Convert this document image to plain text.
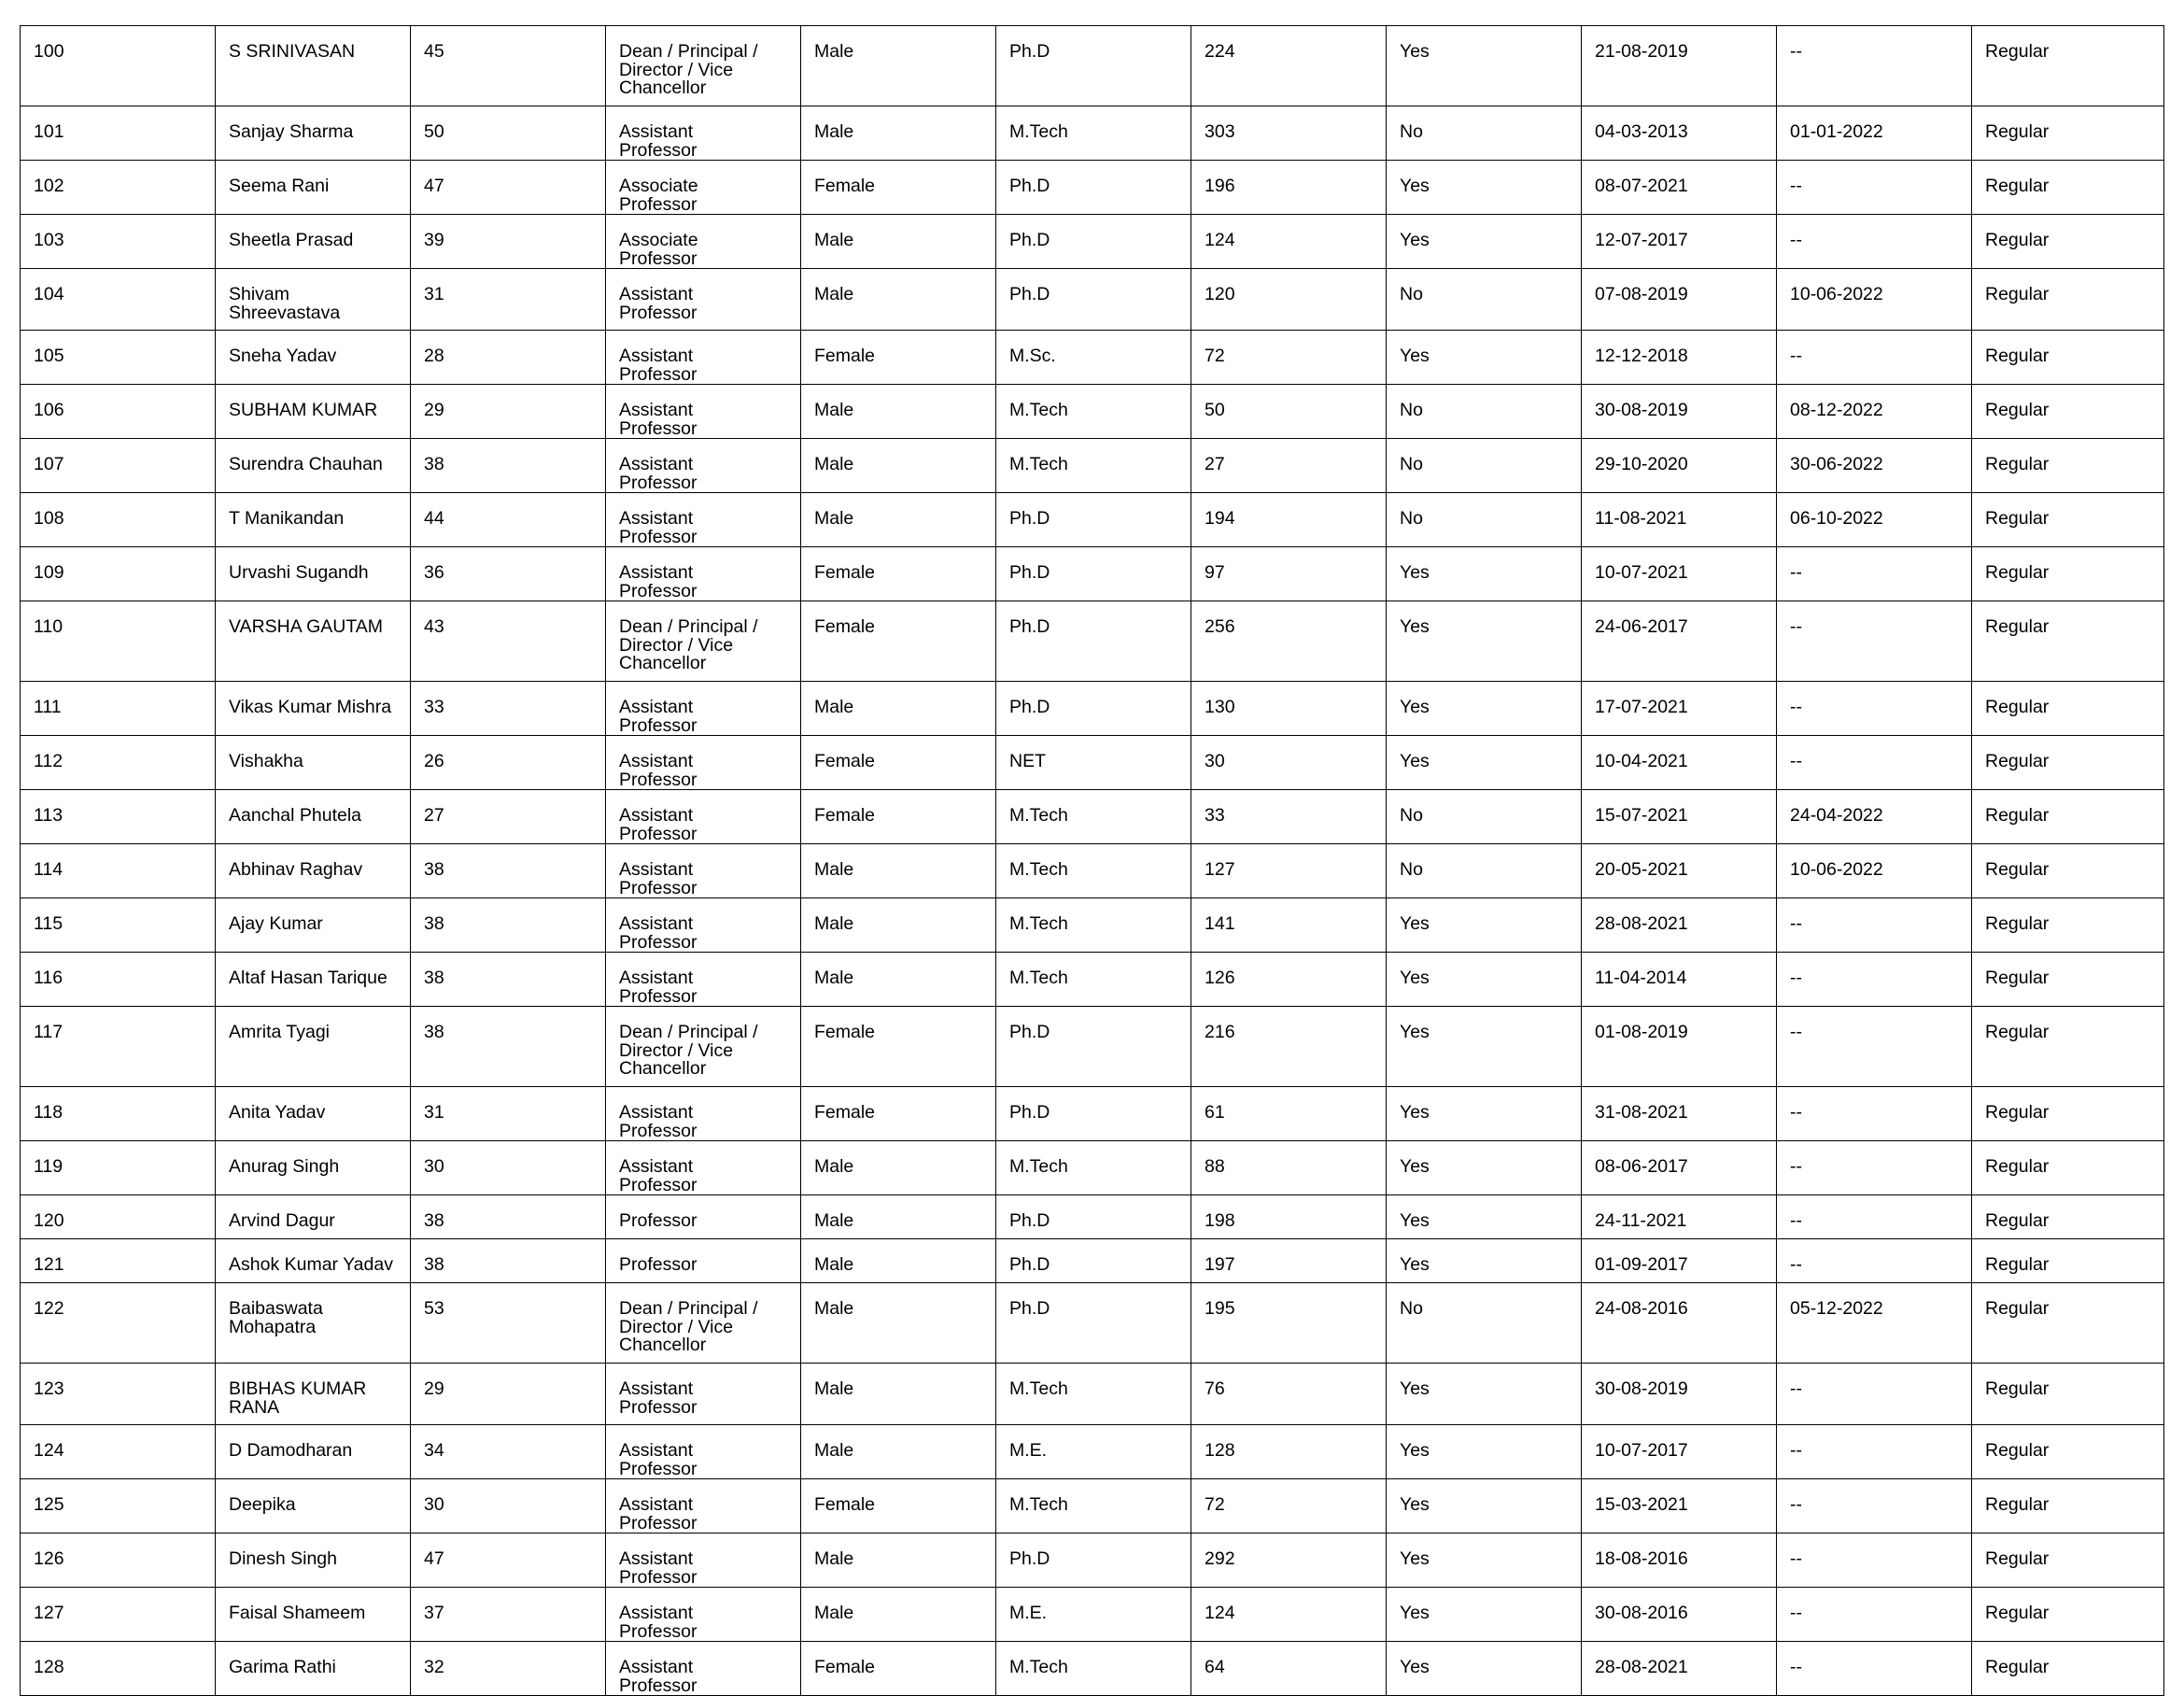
100	S SRINIVASAN	45	Dean / Principal / Director / Vice Chancellor	Male	Ph.D	224	Yes	21-08-2019	--	Regular

101	Sanjay Sharma	50	Assistant Professor	Male	M.Tech	303	No	04-03-2013	01-01-2022	Regular

102	Seema Rani	47	Associate Professor	Female	Ph.D	196	Yes	08-07-2021	--	Regular

103	Sheetla Prasad	39	Associate Professor	Male	Ph.D	124	Yes	12-07-2017	--	Regular

104	Shivam Shreevastava	31	Assistant Professor	Male	Ph.D	120	No	07-08-2019	10-06-2022	Regular

105	Sneha Yadav	28	Assistant Professor	Female	M.Sc.	72	Yes	12-12-2018	--	Regular

106	SUBHAM KUMAR	29	Assistant Professor	Male	M.Tech	50	No	30-08-2019	08-12-2022	Regular

107	Surendra Chauhan	38	Assistant Professor	Male	M.Tech	27	No	29-10-2020	30-06-2022	Regular

108	T Manikandan	44	Assistant Professor	Male	Ph.D	194	No	11-08-2021	06-10-2022	Regular

109	Urvashi Sugandh	36	Assistant Professor	Female	Ph.D	97	Yes	10-07-2021	--	Regular

110	VARSHA GAUTAM	43	Dean / Principal / Director / Vice Chancellor	Female	Ph.D	256	Yes	24-06-2017	--	Regular

111	Vikas Kumar Mishra	33	Assistant Professor	Male	Ph.D	130	Yes	17-07-2021	--	Regular

112	Vishakha	26	Assistant Professor	Female	NET	30	Yes	10-04-2021	--	Regular

113	Aanchal Phutela	27	Assistant Professor	Female	M.Tech	33	No	15-07-2021	24-04-2022	Regular

114	Abhinav Raghav	38	Assistant Professor	Male	M.Tech	127	No	20-05-2021	10-06-2022	Regular

115	Ajay Kumar	38	Assistant Professor	Male	M.Tech	141	Yes	28-08-2021	--	Regular

116	Altaf Hasan Tarique	38	Assistant Professor	Male	M.Tech	126	Yes	11-04-2014	--	Regular

117	Amrita Tyagi	38	Dean / Principal / Director / Vice Chancellor	Female	Ph.D	216	Yes	01-08-2019	--	Regular

118	Anita Yadav	31	Assistant Professor	Female	Ph.D	61	Yes	31-08-2021	--	Regular

119	Anurag Singh	30	Assistant Professor	Male	M.Tech	88	Yes	08-06-2017	--	Regular

120	Arvind Dagur	38	Professor	Male	Ph.D	198	Yes	24-11-2021	--	Regular

121	Ashok Kumar Yadav	38	Professor	Male	Ph.D	197	Yes	01-09-2017	--	Regular

122	Baibaswata Mohapatra	53	Dean / Principal / Director / Vice Chancellor	Male	Ph.D	195	No	24-08-2016	05-12-2022	Regular

123	BIBHAS KUMAR RANA	29	Assistant Professor	Male	M.Tech	76	Yes	30-08-2019	--	Regular

124	D Damodharan	34	Assistant Professor	Male	M.E.	128	Yes	10-07-2017	--	Regular

125	Deepika	30	Assistant Professor	Female	M.Tech	72	Yes	15-03-2021	--	Regular

126	Dinesh Singh	47	Assistant Professor	Male	Ph.D	292	Yes	18-08-2016	--	Regular

127	Faisal Shameem	37	Assistant Professor	Male	M.E.	124	Yes	30-08-2016	--	Regular

128	Garima Rathi	32	Assistant Professor	Female	M.Tech	64	Yes	28-08-2021	--	Regular
